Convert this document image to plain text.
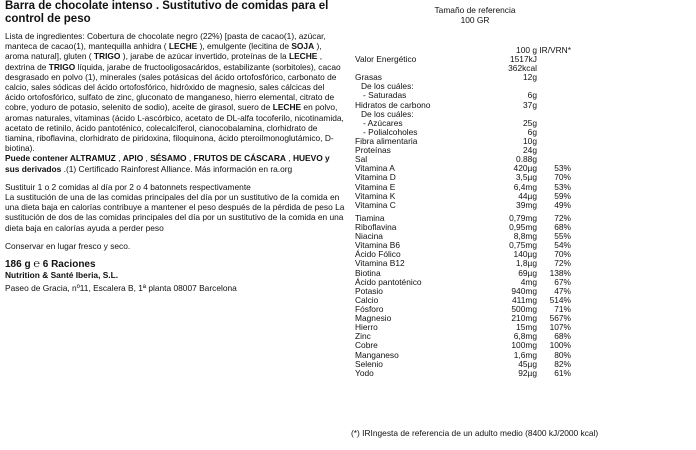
Barra de chocolate intenso . Sustitutivo de comidas para el control de peso

Lista de ingredientes: Cobertura de chocolate negro (22%) [pasta de cacao(1), azúcar, manteca de cacao(1), mantequilla anhidra ( LECHE ), emulgente (lecitina de SOJA ), aroma natural], gluten ( TRIGO ), jarabe de azúcar invertido, proteínas de la LECHE , dextrina de TRIGO líquida, jarabe de fructooligosacáridos, estabilizante (sorbitoles), cacao desgrasado en polvo (1), minerales (sales potásicas del ácido ortofosfórico, carbonato de calcio, sales sódicas del ácido ortofosfórico, hidróxido de magnesio, sales cálcicas del ácido ortofosfórico, sulfato de zinc, gluconato de manganeso, hierro elemental, citrato de cobre, yoduro de potasio, selenito de sodio), aceite de girasol, suero de LECHE en polvo, aromas naturales, vitaminas (ácido L-ascórbico, acetato de DL-alfa tocoferilo, nicotinamida, acetato de retinilo, ácido pantoténico, colecalciferol, cianocobalamina, clorhidrato de tiamina, riboflavina, clorhidrato de piridoxina, filoquinona, ácido pteroilmonoglutámico, D-biotina).

Puede contener ALTRAMUZ , APIO , SÉSAMO , FRUTOS DE CÁSCARA , HUEVO y sus derivados .(1) Certificado Rainforest Alliance. Más información en ra.org

Sustituir 1 o 2 comidas al día por 2 o 4 batonnets respectivamente

La sustitución de una de las comidas principales del día por un sustitutivo de la comida en una dieta baja en calorías contribuye a mantener el peso después de la pérdida de peso La sustitución de dos de las comidas principales del día por un sustitutivo de la comida en una dieta baja en calorías ayuda a perder peso

Conservar en lugar fresco y seco.

186 g ℮ 6 Raciones

Nutrition & Santé Iberia, S.L.

Paseo de Gracia, nº11, Escalera B, 1ª planta 08007 Barcelona

Tamaño de referencia
100 GR
100 g IR/VRN*
Valor Energético	1517kJ
362kcal
Grasas	12g
De los cuáles:
- Saturadas	6g
Hidratos de carbono	37g
De los cuáles:
- Azúcares	25g
- Polialcoholes	6g
Fibra alimentaria	10g
Proteínas	24g
Sal	0.88g
Vitamina A	420µg 53%
Vitamina D	3,5µg 70%
Vitamina E	6,4mg 53%
Vitamina K	44µg 59%
Vitamina C	39mg 49%
Tiamina	0,79mg 72%
Riboflavina	0,95mg 68%
Niacina	8,8mg 55%
Vitamina B6	0,75mg 54%
Ácido Fólico	140µg 70%
Vitamina B12	1,8µg 72%
Biotina	69µg 138%
Ácido pantoténico	4mg 67%
Potasio	940mg 47%
Calcio	411mg 514%
Fósforo	500mg 71%
Magnesio	210mg 567%
Hierro	15mg 107%
Zinc	6,8mg 68%
Cobre	100mg 100%
Manganeso	1,6mg 80%
Selenio	45µg 82%
Yodo	92µg 61%
(*) IRIngesta de referencia de un adulto medio (8400 kJ/2000 kcal)
